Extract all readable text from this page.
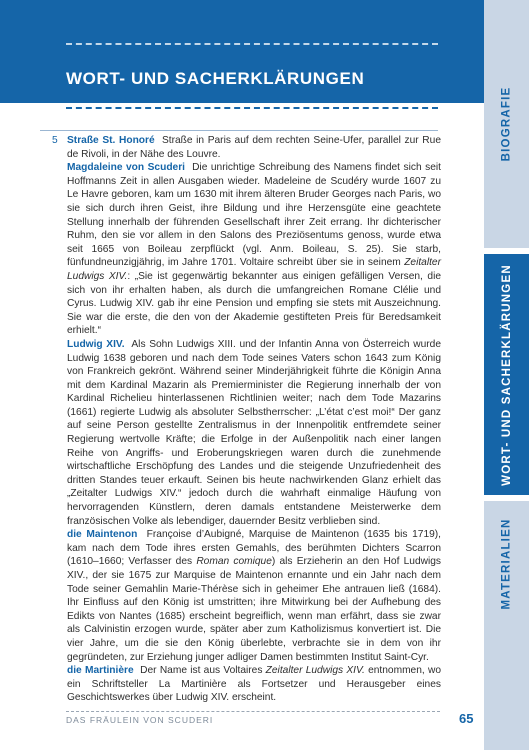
WORT- UND SACHERKLÄRUNGEN
BIOGRAFIE
WORT- UND SACHERKLÄRUNGEN
MATERIALIEN
5 Straße St. Honoré Straße in Paris auf dem rechten Seine-Ufer, parallel zur Rue de Rivoli, in der Nähe des Louvre.

Magdaleine von Scuderi Die unrichtige Schreibung des Namens findet sich seit Hoffmanns Zeit in allen Ausgaben wieder. Madeleine de Scudéry wurde 1607 zu Le Havre geboren, kam um 1630 mit ihrem älteren Bruder Georges nach Paris, wo sie sich durch ihren Geist, ihre Bildung und ihre Herzensgüte eine geachtete Stellung innerhalb der führenden Gesellschaft ihrer Zeit errang. Ihr dichterischer Ruhm, den sie vor allem in den Salons des Preziösentums genoss, wurde etwa seit 1665 von Boileau zerpflückt (vgl. Anm. Boileau, S. 25). Sie starb, fünfundneunzigjährig, im Jahre 1701. Voltaire schreibt über sie in seinem Zeitalter Ludwigs XIV.: „Sie ist gegenwärtig bekannter aus einigen gefälligen Versen, die sich von ihr erhalten haben, als durch die umfangreichen Romane Clélie und Cyrus. Ludwig XIV. gab ihr eine Pension und empfing sie stets mit Auszeichnung. Sie war die erste, die den von der Akademie gestifteten Preis für Beredsamkeit erhielt.“

Ludwig XIV. Als Sohn Ludwigs XIII. und der Infantin Anna von Österreich wurde Ludwig 1638 geboren und nach dem Tode seines Vaters schon 1643 zum König von Frankreich gekrönt. Während seiner Minderjährigkeit führte die Königin Anna mit dem Kardinal Mazarin als Premierminister die Regierung innerhalb der von Kardinal Richelieu hinterlassenen Richtlinien weiter; nach dem Tode Mazarins (1661) regierte Ludwig als absoluter Selbstherrscher: „L’état c’est moi!“ Der ganz auf seine Person gestellte Zentralismus in der Innenpolitik entfremdete seiner Regierung wertvolle Kräfte; die Erfolge in der Außenpolitik nach einer langen Reihe von Angriffs- und Eroberungskriegen waren durch die zunehmende wirtschaftliche Erschöpfung des Landes und die steigende Unzufriedenheit des dritten Standes teuer erkauft. Seinen bis heute nachwirkenden Glanz erhielt das „Zeitalter Ludwigs XIV.“ jedoch durch die wahrhaft einmalige Häufung von hervorragenden Künstlern, deren damals entstandene Meisterwerke dem französischen Volke als lebendiger, dauernder Besitz verblieben sind.

die Maintenon Françoise d’Aubigné, Marquise de Maintenon (1635 bis 1719), kam nach dem Tode ihres ersten Gemahls, des berühmten Dichters Scarron (1610–1660; Verfasser des Roman comique) als Erzieherin an den Hof Ludwigs XIV., der sie 1675 zur Marquise de Maintenon ernannte und ein Jahr nach dem Tode seiner Gemahlin Marie-Thérèse sich in geheimer Ehe antrauen ließ (1684). Ihr Einfluss auf den König ist umstritten; ihre Mitwirkung bei der Aufhebung des Edikts von Nantes (1685) erscheint begreiflich, wenn man erfährt, dass sie zwar als Calvinistin erzogen wurde, später aber zum Katholizismus konvertiert ist. Die vier Jahre, um die sie den König überlebte, verbrachte sie in dem von ihr gegründeten, zur Erziehung junger adliger Damen bestimmten Institut Saint-Cyr.

die Martinière Der Name ist aus Voltaires Zeitalter Ludwigs XIV. entnommen, wo ein Schriftsteller La Martinière als Fortsetzer und Herausgeber eines Geschichtswerkes über Ludwig XIV. erscheint.

DAS FRÄULEIN VON SCUDERI	65
